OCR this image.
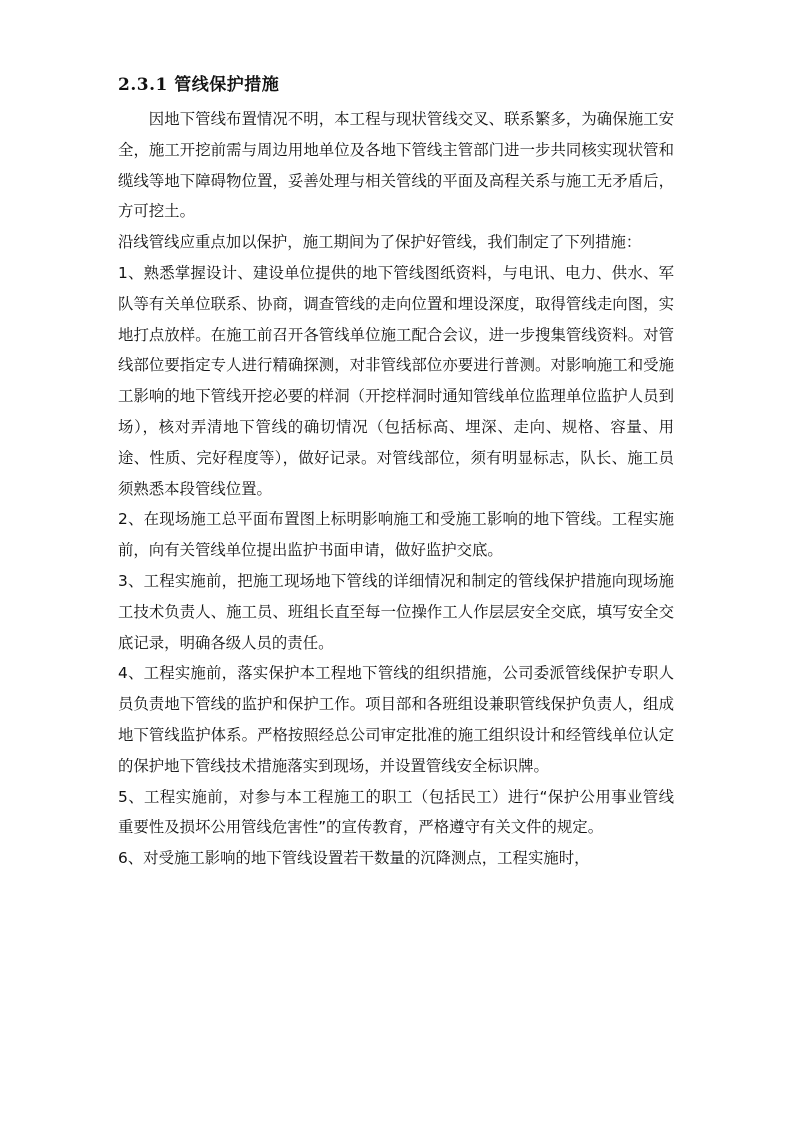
2.3.1 管线保护措施

因地下管线布置情况不明，本工程与现状管线交叉、联系繁多，为确保施工安全，施工开挖前需与周边用地单位及各地下管线主管部门进一步共同核实现状管和缆线等地下障碍物位置，妥善处理与相关管线的平面及高程关系与施工无矛盾后，方可挖土。

沿线管线应重点加以保护，施工期间为了保护好管线，我们制定了下列措施：

1、熟悉掌握设计、建设单位提供的地下管线图纸资料，与电讯、电力、供水、军队等有关单位联系、协商，调查管线的走向位置和埋设深度，取得管线走向图，实地打点放样。在施工前召开各管线单位施工配合会议，进一步搜集管线资料。对管线部位要指定专人进行精确探测，对非管线部位亦要进行普测。对影响施工和受施工影响的地下管线开挖必要的样洞（开挖样洞时通知管线单位监理单位监护人员到场），核对弄清地下管线的确切情况（包括标高、埋深、走向、规格、容量、用途、性质、完好程度等），做好记录。对管线部位，须有明显标志，队长、施工员须熟悉本段管线位置。

2、在现场施工总平面布置图上标明影响施工和受施工影响的地下管线。工程实施前，向有关管线单位提出监护书面申请，做好监护交底。

3、工程实施前，把施工现场地下管线的详细情况和制定的管线保护措施向现场施工技术负责人、施工员、班组长直至每一位操作工人作层层安全交底，填写安全交底记录，明确各级人员的责任。

4、工程实施前，落实保护本工程地下管线的组织措施，公司委派管线保护专职人员负责地下管线的监护和保护工作。项目部和各班组设兼职管线保护负责人，组成地下管线监护体系。严格按照经总公司审定批准的施工组织设计和经管线单位认定的保护地下管线技术措施落实到现场，并设置管线安全标识牌。

5、工程实施前，对参与本工程施工的职工（包括民工）进行“保护公用事业管线重要性及损坏公用管线危害性”的宣传教育，严格遵守有关文件的规定。

6、对受施工影响的地下管线设置若干数量的沉降测点，工程实施时，
